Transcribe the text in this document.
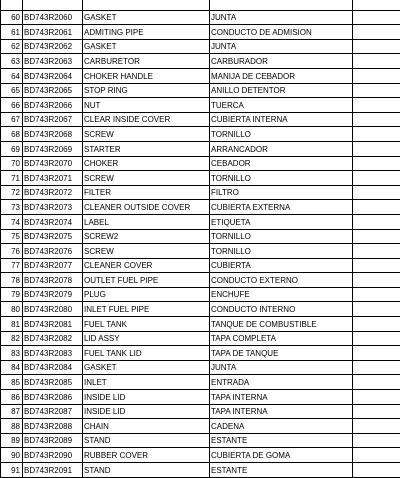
60	BD743R2060	GASKET	JUNTA	
61	BD743R2061	ADMITING PIPE	CONDUCTO DE ADMISION	
62	BD743R2062	GASKET	JUNTA	
63	BD743R2063	CARBURETOR	CARBURADOR	
64	BD743R2064	CHOKER HANDLE	MANIJA DE CEBADOR	
65	BD743R2065	STOP RING	ANILLO DETENTOR	
66	BD743R2066	NUT	TUERCA	
67	BD743R2067	CLEAR INSIDE COVER	CUBIERTA INTERNA	
68	BD743R2068	SCREW	TORNILLO	
69	BD743R2069	STARTER	ARRANCADOR	
70	BD743R2070	CHOKER	CEBADOR	
71	BD743R2071	SCREW	TORNILLO	
72	BD743R2072	FILTER	FILTRO	
73	BD743R2073	CLEANER OUTSIDE COVER	CUBIERTA EXTERNA	
74	BD743R2074	LABEL	ETIQUETA	
75	BD743R2075	SCREW2	TORNILLO	
76	BD743R2076	SCREW	TORNILLO	
77	BD743R2077	CLEANER COVER	CUBIERTA	
78	BD743R2078	OUTLET FUEL PIPE	CONDUCTO EXTERNO	
79	BD743R2079	PLUG	ENCHUFE	
80	BD743R2080	INLET FUEL PIPE	CONDUCTO INTERNO	
81	BD743R2081	FUEL TANK	TANQUE DE COMBUSTIBLE	
82	BD743R2082	LID ASSY	TAPA COMPLETA	
83	BD743R2083	FUEL TANK LID	TAPA DE TANQUE	
84	BD743R2084	GASKET	JUNTA	
85	BD743R2085	INLET	ENTRADA	
86	BD743R2086	INSIDE LID	TAPA INTERNA	
87	BD743R2087	INSIDE LID	TAPA INTERNA	
88	BD743R2088	CHAIN	CADENA	
89	BD743R2089	STAND	ESTANTE	
90	BD743R2090	RUBBER COVER	CUBIERTA DE GOMA	
91	BD743R2091	STAND	ESTANTE	
